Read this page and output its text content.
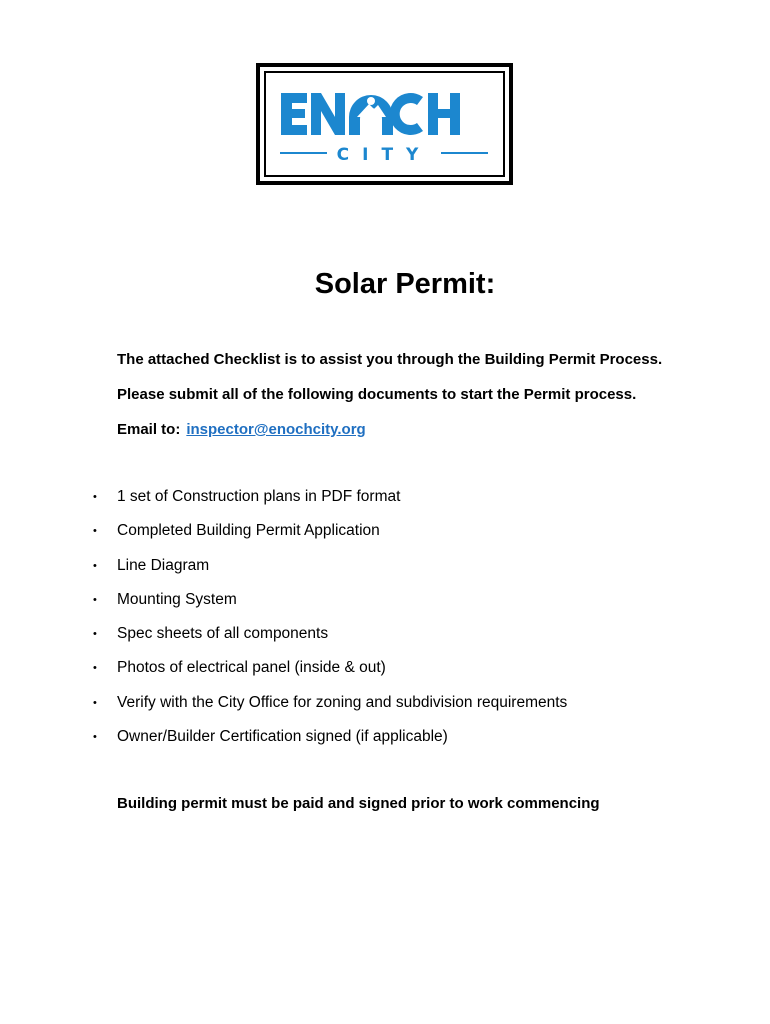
CITY
Solar Permit:
The attached Checklist is to assist you through the Building Permit Process.
Please submit all of the following documents to start the Permit process.
Email to: inspector@enochcity.org
• 1 set of Construction plans in PDF format
• Completed Building Permit Application
• Line Diagram
• Mounting System
• Spec sheets of all components
• Photos of electrical panel (inside & out)
• Verify with the City Office for zoning and subdivision requirements
• Owner/Builder Certification signed (if applicable)
Building permit must be paid and signed prior to work commencing
